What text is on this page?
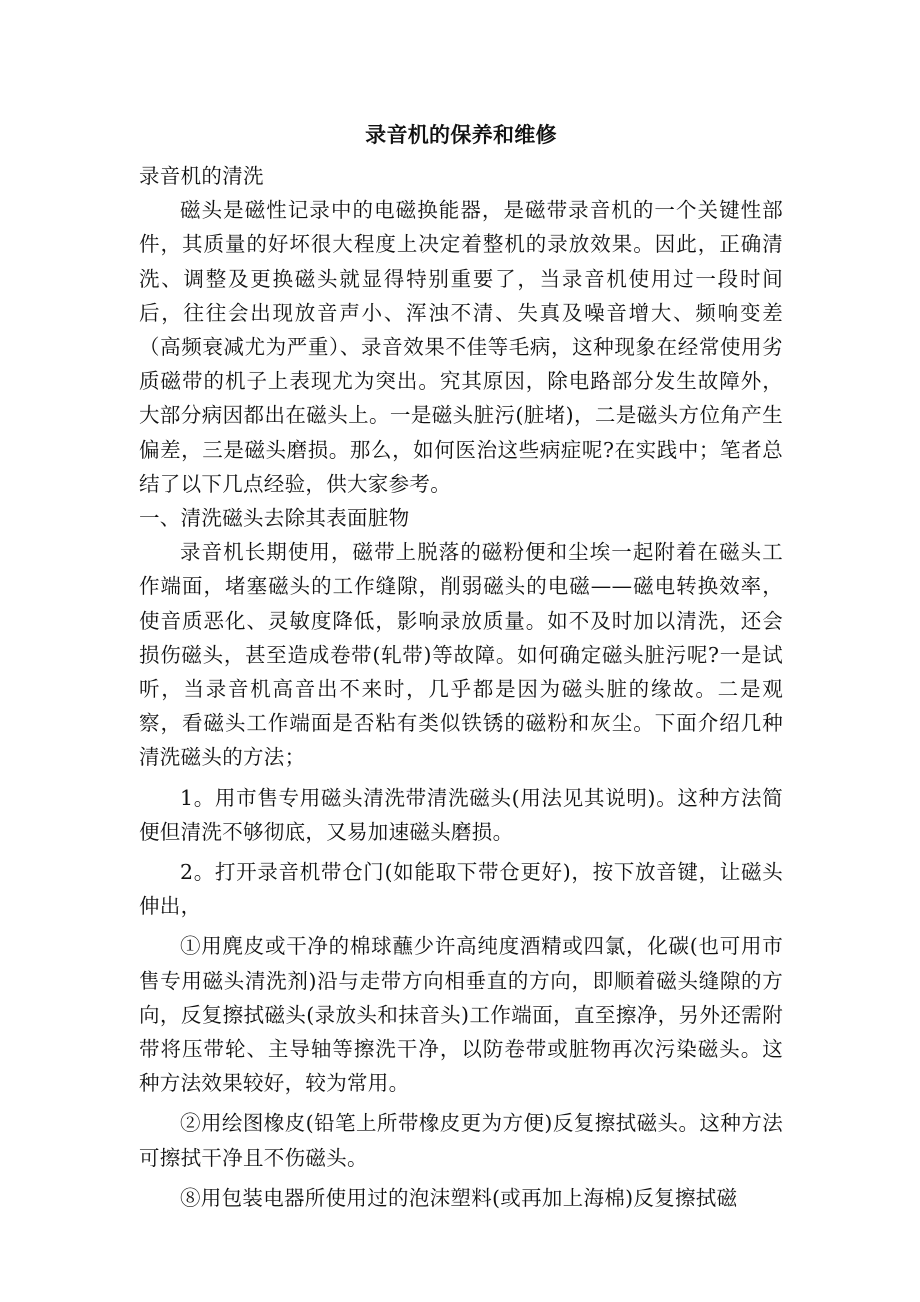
录音机的保养和维修

录音机的清洗

磁头是磁性记录中的电磁换能器，是磁带录音机的一个关键性部件，其质量的好坏很大程度上决定着整机的录放效果。因此，正确清洗、调整及更换磁头就显得特别重要了，当录音机使用过一段时间后，往往会出现放音声小、浑浊不清、失真及噪音增大、频响变差（高频衰减尤为严重）、录音效果不佳等毛病，这种现象在经常使用劣质磁带的机子上表现尤为突出。究其原因，除电路部分发生故障外，大部分病因都出在磁头上。一是磁头脏污(脏堵)，二是磁头方位角产生偏差，三是磁头磨损。那么，如何医治这些病症呢?在实践中；笔者总结了以下几点经验，供大家参考。

一、清洗磁头去除其表面脏物

录音机长期使用，磁带上脱落的磁粉便和尘埃一起附着在磁头工作端面，堵塞磁头的工作缝隙，削弱磁头的电磁——磁电转换效率，使音质恶化、灵敏度降低，影响录放质量。如不及时加以清洗，还会损伤磁头，甚至造成卷带(轧带)等故障。如何确定磁头脏污呢?一是试听，当录音机高音出不来时，几乎都是因为磁头脏的缘故。二是观察，看磁头工作端面是否粘有类似铁锈的磁粉和灰尘。下面介绍几种清洗磁头的方法；

1。用市售专用磁头清洗带清洗磁头(用法见其说明)。这种方法简便但清洗不够彻底，又易加速磁头磨损。

2。打开录音机带仓门(如能取下带仓更好)，按下放音键，让磁头伸出，

①用麂皮或干净的棉球蘸少许高纯度酒精或四氯，化碳(也可用市售专用磁头清洗剂)沿与走带方向相垂直的方向，即顺着磁头缝隙的方向，反复擦拭磁头(录放头和抹音头)工作端面，直至擦净，另外还需附带将压带轮、主导轴等擦洗干净，以防卷带或脏物再次污染磁头。这种方法效果较好，较为常用。

②用绘图橡皮(铅笔上所带橡皮更为方便)反复擦拭磁头。这种方法可擦拭干净且不伤磁头。

⑧用包装电器所使用过的泡沫塑料(或再加上海棉)反复擦拭磁
